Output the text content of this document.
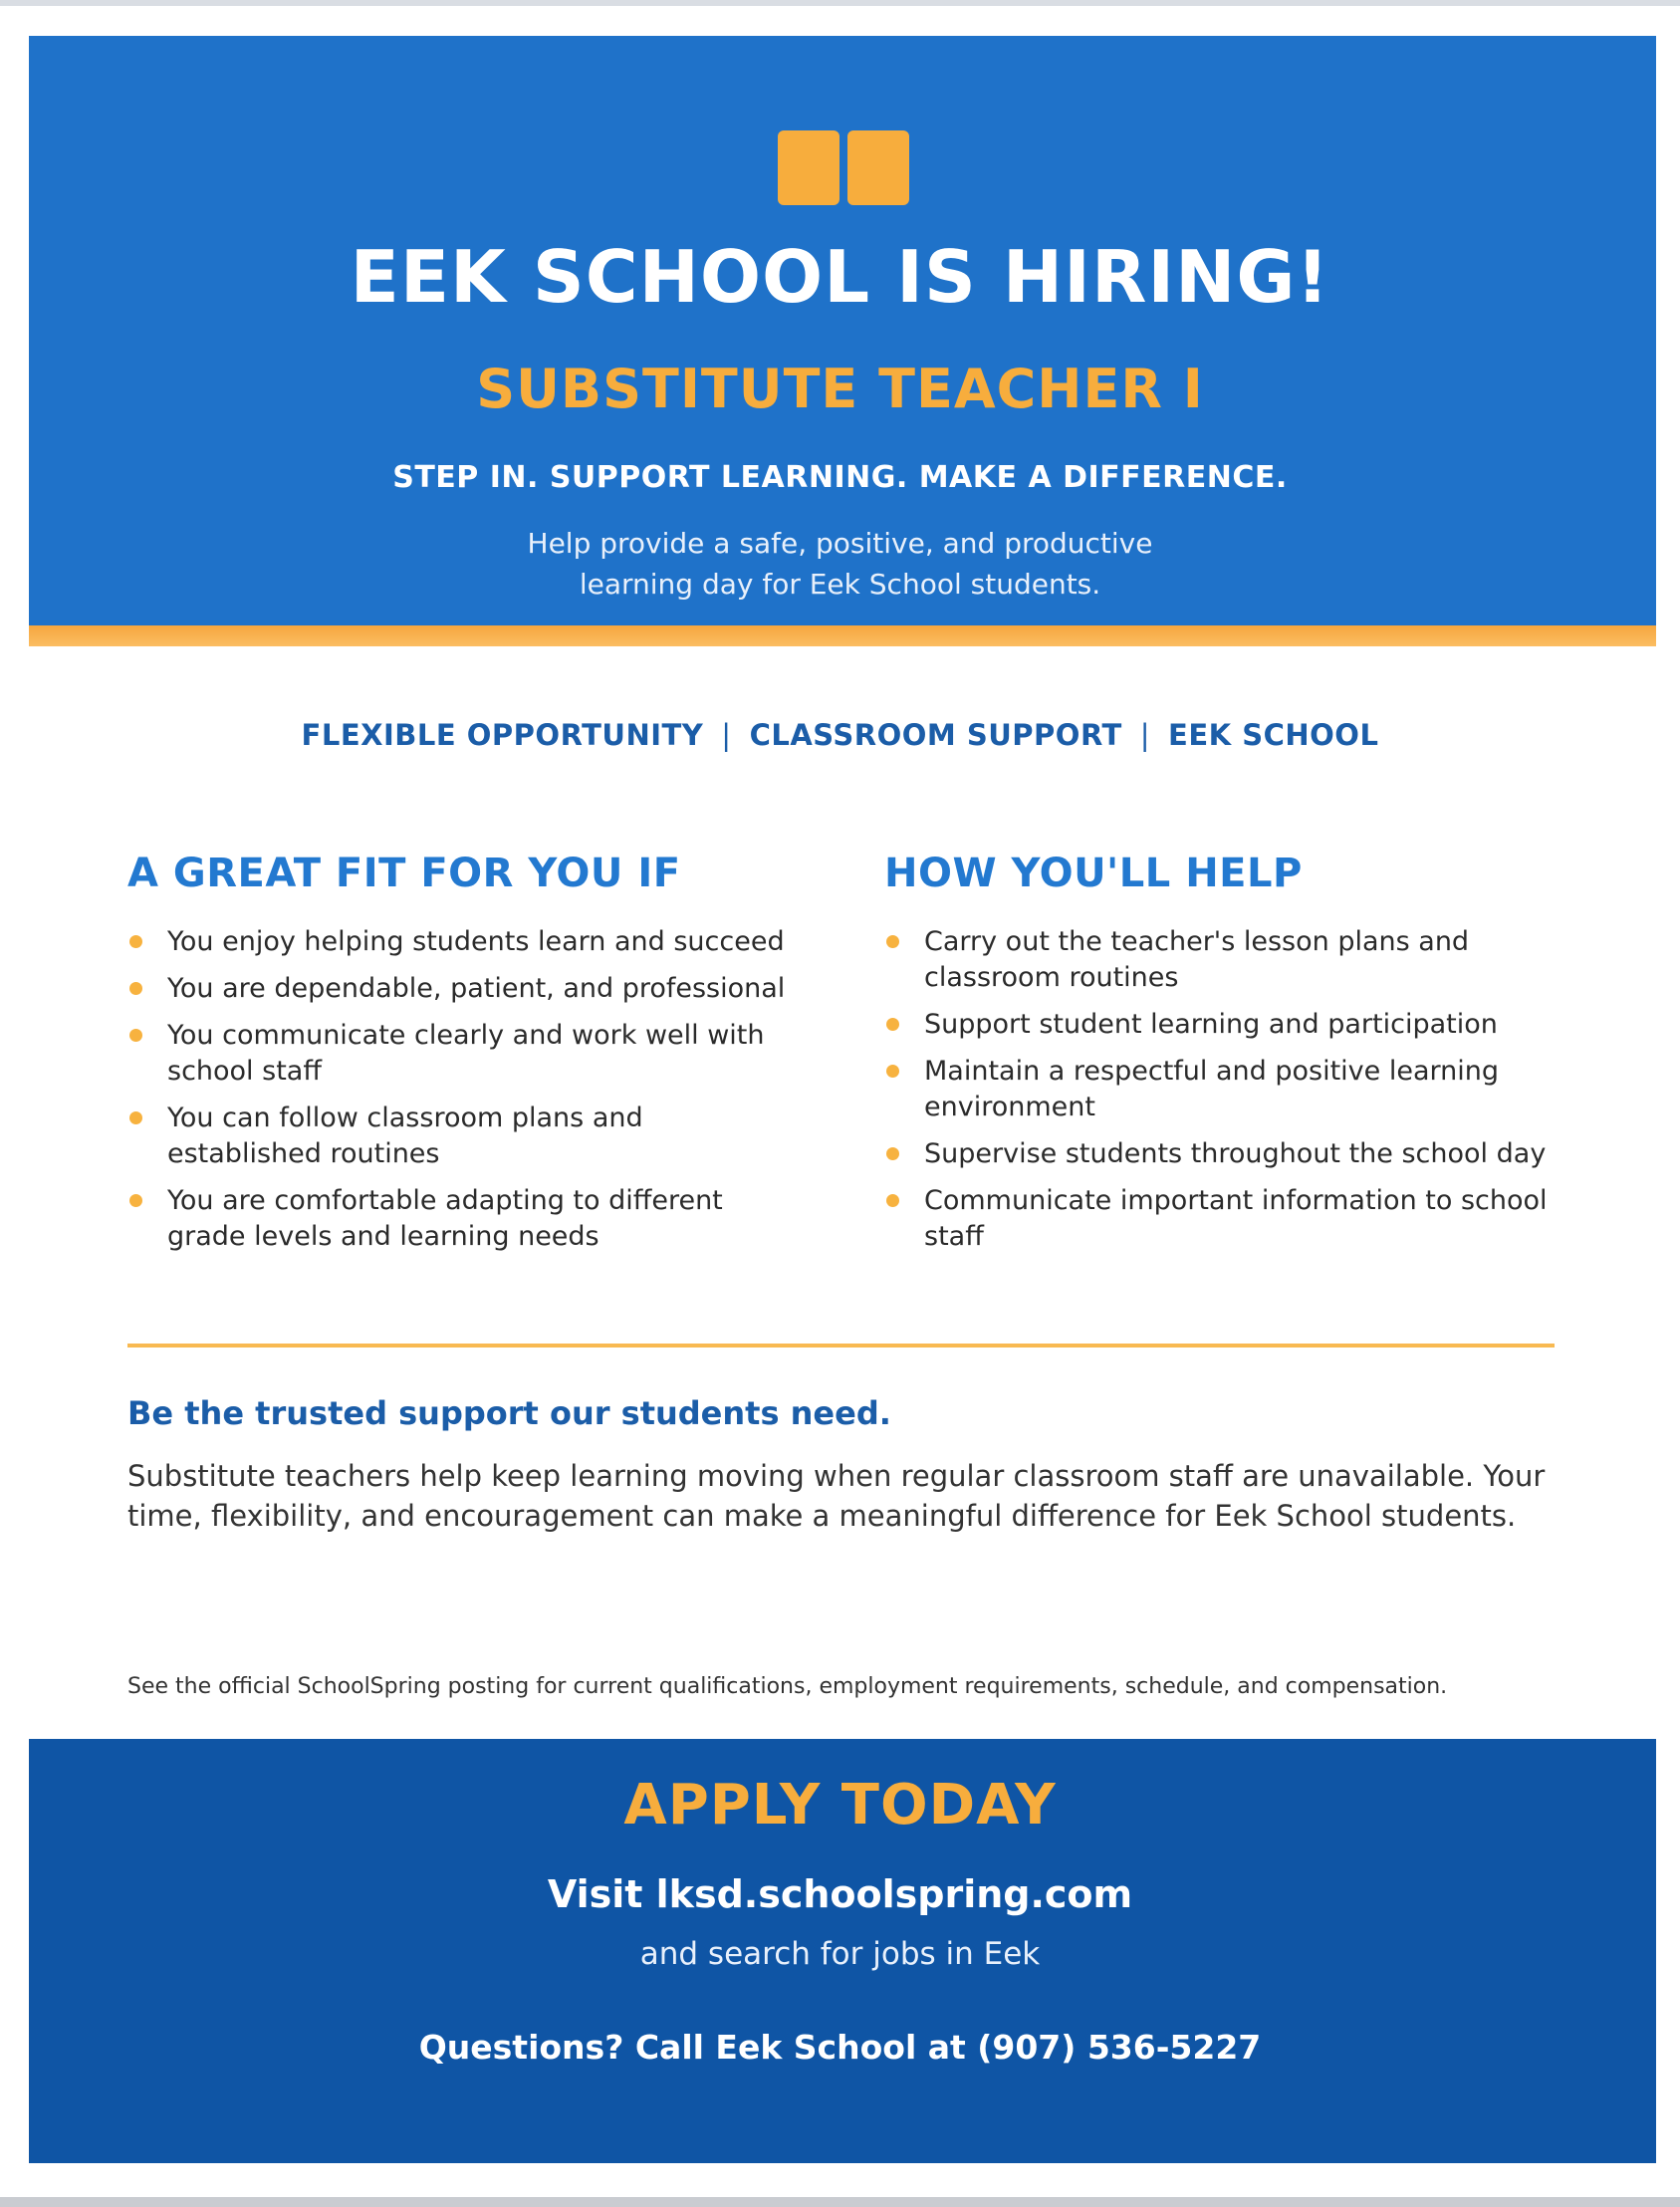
EEK SCHOOL IS HIRING!
SUBSTITUTE TEACHER I
STEP IN. SUPPORT LEARNING. MAKE A DIFFERENCE.
Help provide a safe, positive, and productive
learning day for Eek School students.
FLEXIBLE OPPORTUNITY | CLASSROOM SUPPORT | EEK SCHOOL
A GREAT FIT FOR YOU IF
You enjoy helping students learn and succeed
You are dependable, patient, and professional
You communicate clearly and work well with
school staff
You can follow classroom plans and
established routines
You are comfortable adapting to different
grade levels and learning needs
HOW YOU'LL HELP
Carry out the teacher's lesson plans and
classroom routines
Support student learning and participation
Maintain a respectful and positive learning
environment
Supervise students throughout the school day
Communicate important information to school
staff
Be the trusted support our students need.
Substitute teachers help keep learning moving when regular classroom staff are unavailable. Your
time, flexibility, and encouragement can make a meaningful difference for Eek School students.
See the official SchoolSpring posting for current qualifications, employment requirements, schedule, and compensation.
APPLY TODAY
Visit lksd.schoolspring.com
and search for jobs in Eek
Questions? Call Eek School at (907) 536-5227
